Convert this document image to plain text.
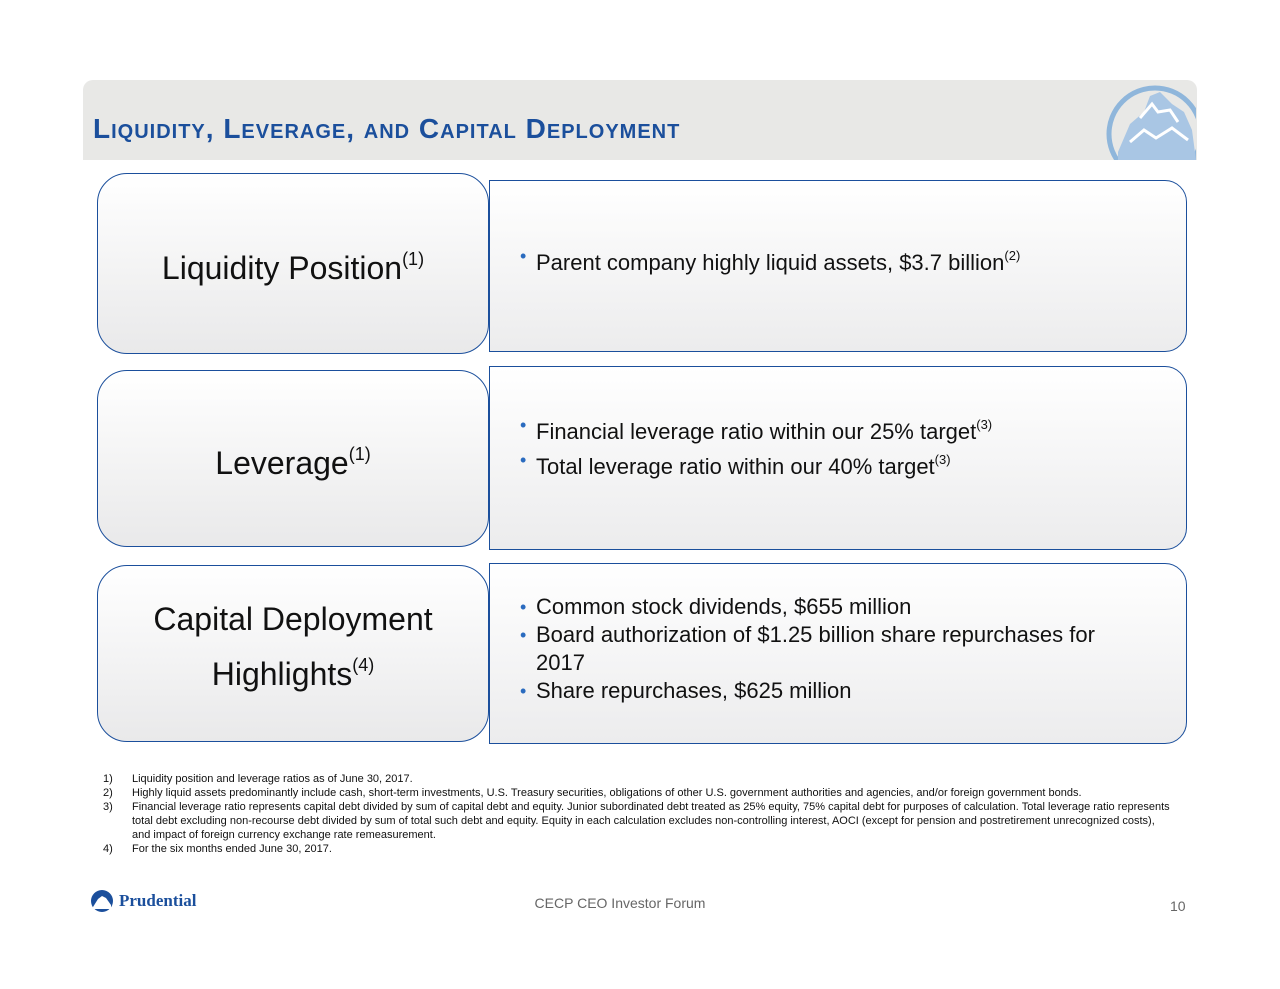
Liquidity, Leverage, and Capital Deployment
Liquidity Position$^{(1)}$	• Parent company highly liquid assets, $3.7 billion$^{(2)}$
Leverage$^{(1)}$
• Financial leverage ratio within our 25% target$^{(3)}$
• Total leverage ratio within our 40% target$^{(3)}$
Capital Deployment
Highlights$^{(4)}$
• Common stock dividends, $655 million
• Board authorization of $1.25 billion share repurchases for 2017
• Share repurchases, $625 million
1)	Liquidity position and leverage ratios as of June 30, 2017.
2)	Highly liquid assets predominantly include cash, short-term investments, U.S. Treasury securities, obligations of other U.S. government authorities and agencies, and/or foreign government bonds.
3)	Financial leverage ratio represents capital debt divided by sum of capital debt and equity. Junior subordinated debt treated as 25% equity, 75% capital debt for purposes of calculation. Total leverage ratio represents total debt excluding non-recourse debt divided by sum of total such debt and equity. Equity in each calculation excludes non-controlling interest, AOCI (except for pension and postretirement unrecognized costs), and impact of foreign currency exchange rate remeasurement.
4)	For the six months ended June 30, 2017.
Prudential	CECP CEO Investor Forum	10
